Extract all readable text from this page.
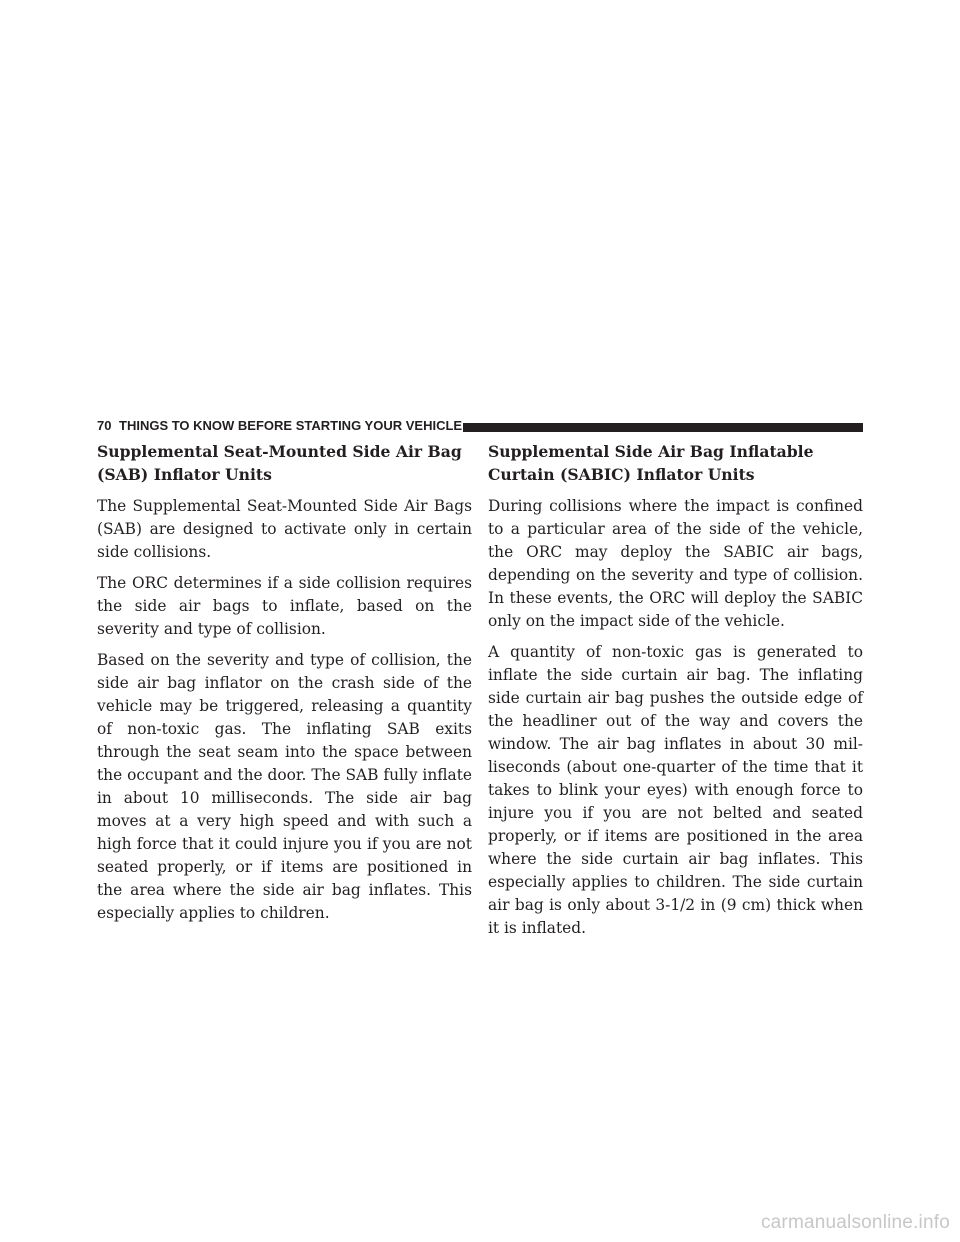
70 THINGS TO KNOW BEFORE STARTING YOUR VEHICLE
Supplemental Seat-Mounted Side Air Bag (SAB) Inflator Units

The Supplemental Seat-Mounted Side Air Bags (SAB) are designed to activate only in certain side collisions.

The ORC determines if a side collision requires the side air bags to inflate, based on the severity and type of collision.

Based on the severity and type of collision, the side air bag inflator on the crash side of the vehicle may be triggered, releasing a quantity of non-toxic gas. The inflating SAB exits through the seat seam into the space between the occupant and the door. The SAB fully inflate in about 10 milliseconds. The side air bag moves at a very high speed and with such a high force that it could injure you if you are not seated properly, or if items are positioned in the area where the side air bag inflates. This especially applies to children.

Supplemental Side Air Bag Inflatable Curtain (SABIC) Inflator Units

During collisions where the impact is confined to a particular area of the side of the vehicle, the ORC may deploy the SABIC air bags, depending on the severity and type of collision. In these events, the ORC will deploy the SABIC only on the impact side of the vehicle.

A quantity of non-toxic gas is generated to inflate the side curtain air bag. The inflating side curtain air bag pushes the outside edge of the headliner out of the way and covers the window. The air bag inflates in about 30 mil-liseconds (about one-quarter of the time that it takes to blink your eyes) with enough force to injure you if you are not belted and seated properly, or if items are positioned in the area where the side curtain air bag inflates. This especially applies to children. The side curtain air bag is only about 3-1/2 in (9 cm) thick when it is inflated.

carmanualsonline.info
